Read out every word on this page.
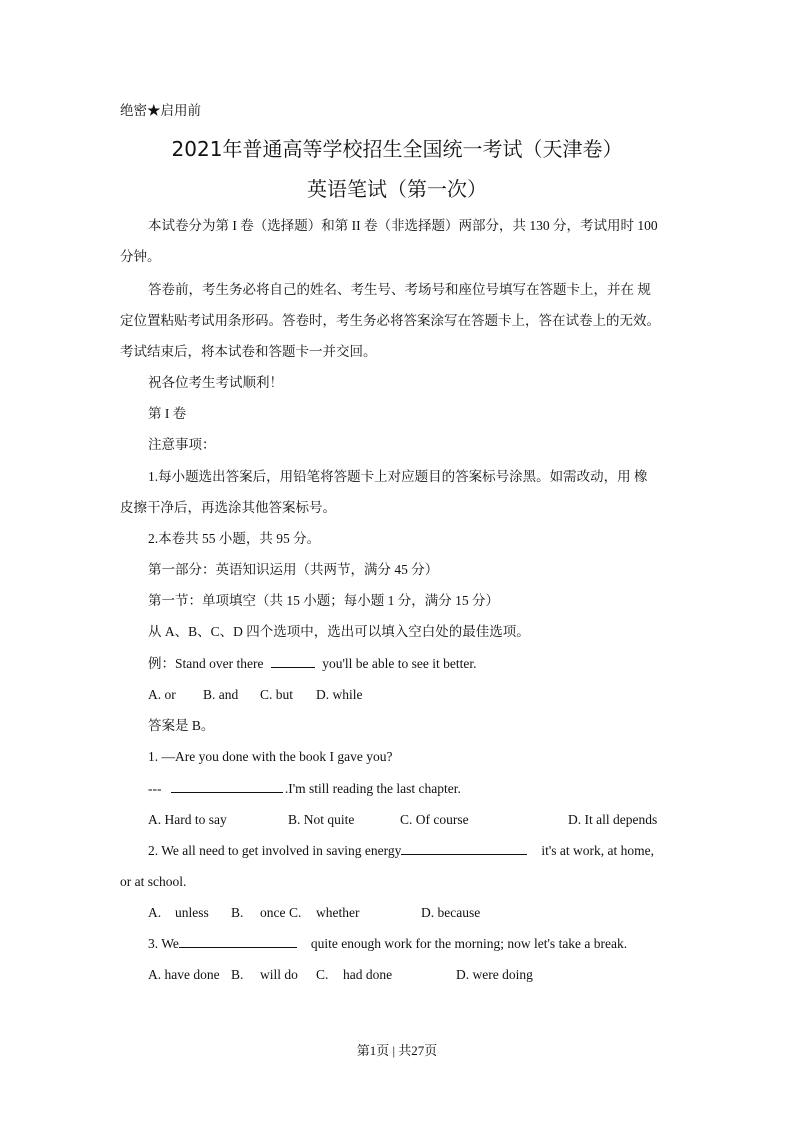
绝密★启用前
2021年普通高等学校招生全国统一考试（天津卷）
英语笔试（第一次）
本试卷分为第 I 卷（选择题）和第 II 卷（非选择题）两部分，共 130 分，考试用时 100
分钟。
答卷前，考生务必将自己的姓名、考生号、考场号和座位号填写在答题卡上，并在 规
定位置粘贴考试用条形码。答卷时，考生务必将答案涂写在答题卡上，答在试卷上的无效。
考试结束后，将本试卷和答题卡一并交回。
祝各位考生考试顺利！
第 I 卷
注意事项：
1.每小题选出答案后，用铅笔将答题卡上对应题目的答案标号涂黑。如需改动，用 橡
皮擦干净后，再选涂其他答案标号。
2.本卷共 55 小题，共 95 分。
第一部分：英语知识运用（共两节，满分 45 分）
第一节：单项填空（共 15 小题；每小题 1 分，满分 15 分）
从 A、B、C、D 四个选项中，选出可以填入空白处的最佳选项。
例：Stand over there	you'll be able to see it better.
A. or B. and C. but D. while
答案是 B。
1. —Are you done with the book I gave you?
---	.I'm still reading the last chapter.
A. Hard to say	B. Not quite	C. Of course	D. It all depends
2. We all need to get involved in saving energy	it's at work, at home,
or at school.
A. unless B. once C. whether	D. because
3. We	quite enough work for the morning; now let's take a break.
A. have done B. will do C. had done	D. were doing
第1页 | 共27页
